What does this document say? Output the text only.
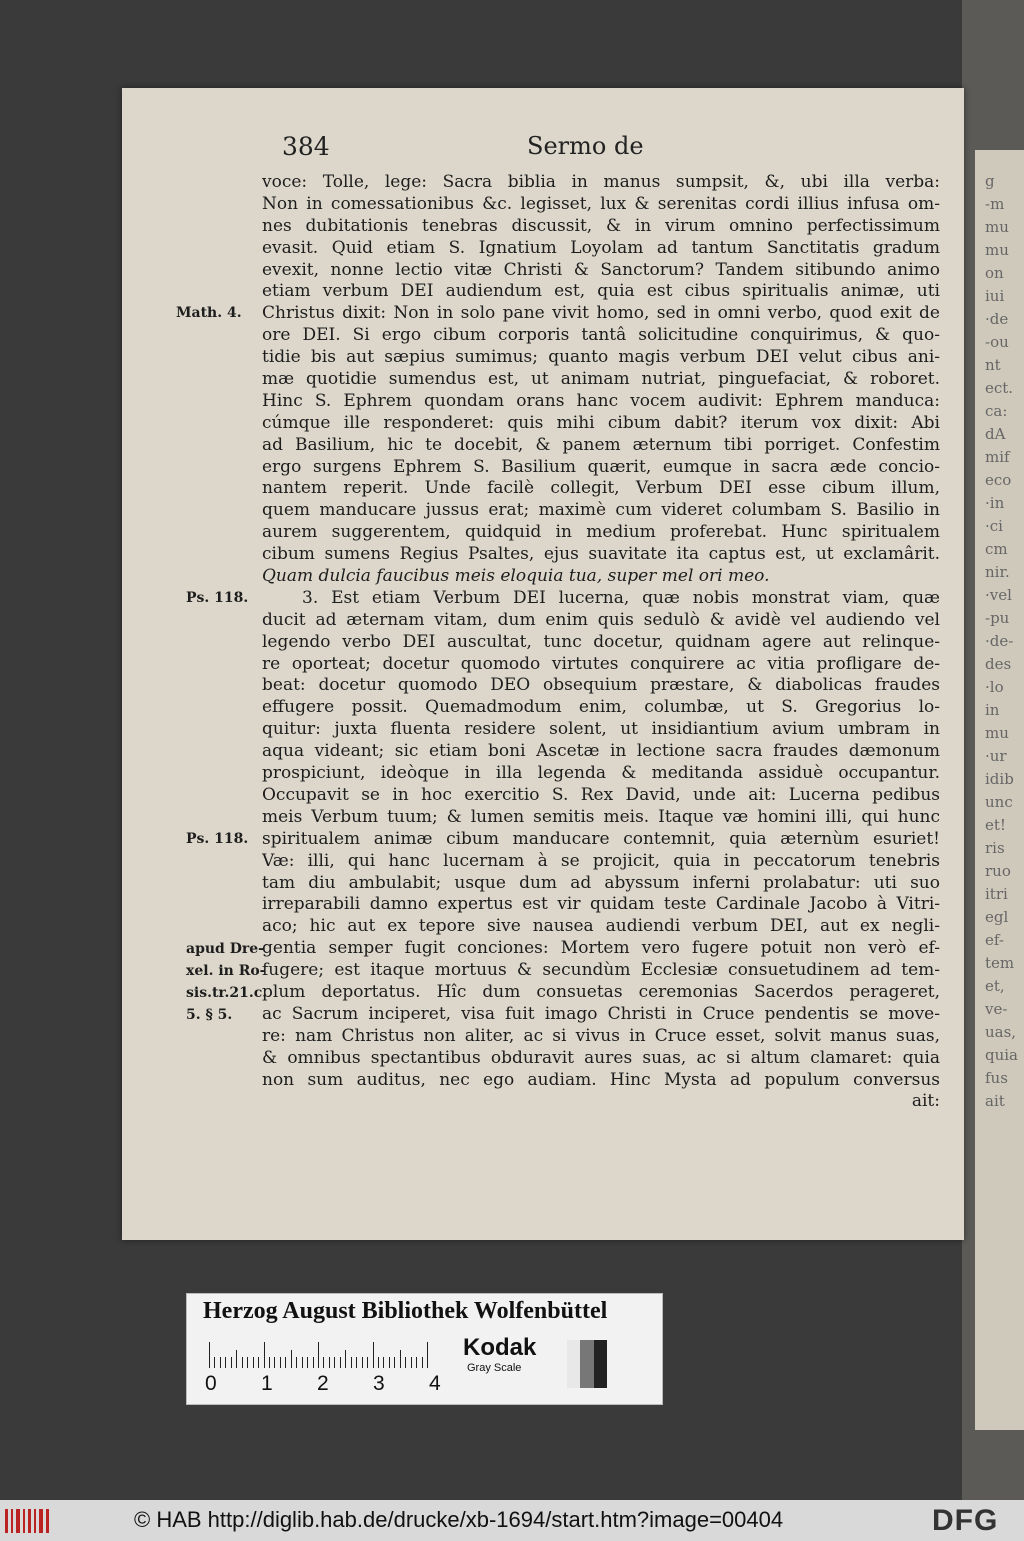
g
-m
mu
mu
on
iui
·de
-ou
nt
ect.
ca:
dA
mif
eco
·in
·ci
cm
nir.
·vel
-pu
·de-
des
·lo
in
mu
·ur
idib
unc
et!
ris
ruo
itri
egl
ef-
tem
et,
ve-
uas,
quia
fus
ait
384	Sermo de
voce: Tolle, lege: Sacra biblia in manus sumpsit, &, ubi illa verba:
Non in comessationibus &c. legisset, lux & serenitas cordi illius infusa om-
nes dubitationis tenebras discussit, & in virum omnino perfectissimum
evasit. Quid etiam S. Ignatium Loyolam ad tantum Sanctitatis gradum
evexit, nonne lectio vitæ Christi & Sanctorum? Tandem sitibundo animo
etiam verbum DEI audiendum est, quia est cibus spiritualis animæ, uti
Christus dixit: Non in solo pane vivit homo, sed in omni verbo, quod exit de
ore DEI. Si ergo cibum corporis tantâ solicitudine conquirimus, & quo-
tidie bis aut sæpius sumimus; quanto magis verbum DEI velut cibus ani-
mæ quotidie sumendus est, ut animam nutriat, pinguefaciat, & roboret.
Hinc S. Ephrem quondam orans hanc vocem audivit: Ephrem manduca:
cúmque ille responderet: quis mihi cibum dabit? iterum vox dixit: Abi
ad Basilium, hic te docebit, & panem æternum tibi porriget. Confestim
ergo surgens Ephrem S. Basilium quærit, eumque in sacra æde concio-
nantem reperit. Unde facilè collegit, Verbum DEI esse cibum illum,
quem manducare jussus erat; maximè cum videret columbam S. Basilio in
aurem suggerentem, quidquid in medium proferebat. Hunc spiritualem
cibum sumens Regius Psaltes, ejus suavitate ita captus est, ut exclamârit.
Quam dulcia faucibus meis eloquia tua, super mel ori meo.
3. Est etiam Verbum DEI lucerna, quæ nobis monstrat viam, quæ
ducit ad æternam vitam, dum enim quis sedulò & avidè vel audiendo vel
legendo verbo DEI auscultat, tunc docetur, quidnam agere aut relinque-
re oporteat; docetur quomodo virtutes conquirere ac vitia profligare de-
beat: docetur quomodo DEO obsequium præstare, & diabolicas fraudes
effugere possit. Quemadmodum enim, columbæ, ut S. Gregorius lo-
quitur: juxta fluenta residere solent, ut insidiantium avium umbram in
aqua videant; sic etiam boni Ascetæ in lectione sacra fraudes dæmonum
prospiciunt, ideòque in illa legenda & meditanda assiduè occupantur.
Occupavit se in hoc exercitio S. Rex David, unde ait: Lucerna pedibus
meis Verbum tuum; & lumen semitis meis. Itaque væ homini illi, qui hunc
spiritualem animæ cibum manducare contemnit, quia æternùm esuriet!
Væ: illi, qui hanc lucernam à se projicit, quia in peccatorum tenebris
tam diu ambulabit; usque dum ad abyssum inferni prolabatur: uti suo
irreparabili damno expertus est vir quidam teste Cardinale Jacobo à Vitri-
aco; hic aut ex tepore sive nausea audiendi verbum DEI, aut ex negli-
gentia semper fugit conciones: Mortem vero fugere potuit non verò ef-
fugere; est itaque mortuus & secundùm Ecclesiæ consuetudinem ad tem-
plum deportatus. Hîc dum consuetas ceremonias Sacerdos perageret,
ac Sacrum inciperet, visa fuit imago Christi in Cruce pendentis se move-
re: nam Christus non aliter, ac si vivus in Cruce esset, solvit manus suas,
& omnibus spectantibus obduravit aures suas, ac si altum clamaret: quia
non sum auditus, nec ego audiam. Hinc Mysta ad populum conversus
ait:
Math. 4.
Ps. 118.
Ps. 118.
apud Dre-
xel. in Ro-
sis.tr.21.c.
5. § 5.
Herzog August Bibliothek Wolfenbüttel
0 1 2 3 4
Kodak
Gray Scale
© HAB http://diglib.hab.de/drucke/xb-1694/start.htm?image=00404	DFG
